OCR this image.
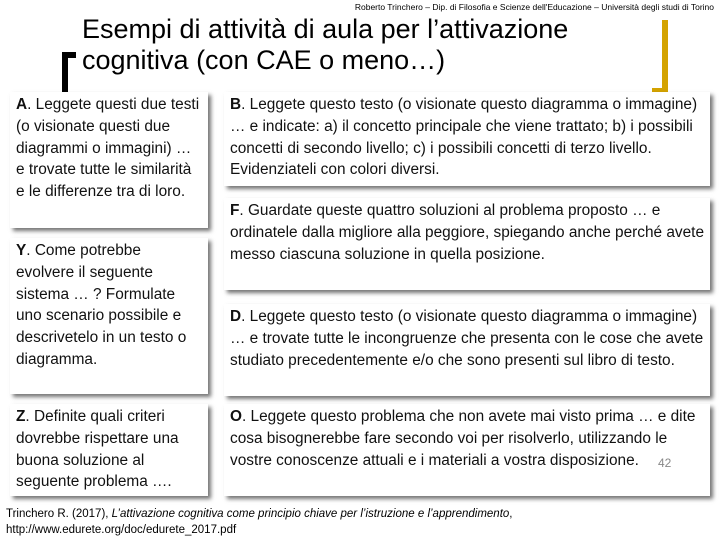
Roberto Trinchero – Dip. di Filosofia e Scienze dell'Educazione – Università degli studi di Torino
Esempi di attività di aula per l’attivazione cognitiva (con CAE o meno…)
A. Leggete questi due testi (o visionate questi due diagrammi o immagini) … e trovate tutte le similarità e le differenze tra di loro.
Y. Come potrebbe evolvere il seguente sistema … ? Formulate uno scenario possibile e descrivetelo in un testo o diagramma.
Z. Definite quali criteri dovrebbe rispettare una buona soluzione al seguente problema ….
B. Leggete questo testo (o visionate questo diagramma o immagine) … e indicate: a) il concetto principale che viene trattato; b) i possibili concetti di secondo livello; c) i possibili concetti di terzo livello. Evidenziateli con colori diversi.
F. Guardate queste quattro soluzioni al problema proposto … e ordinatele dalla migliore alla peggiore, spiegando anche perché avete messo ciascuna soluzione in quella posizione.
D. Leggete questo testo (o visionate questo diagramma o immagine) … e trovate tutte le incongruenze che presenta con le cose che avete studiato precedentemente e/o che sono presenti sul libro di testo.
O. Leggete questo problema che non avete mai visto prima … e dite cosa bisognerebbe fare secondo voi per risolverlo, utilizzando le vostre conoscenze attuali e i materiali a vostra disposizione.	42
Trinchero R. (2017), L’attivazione cognitiva come principio chiave per l’istruzione e l’apprendimento,
http://www.edurete.org/doc/edurete_2017.pdf
